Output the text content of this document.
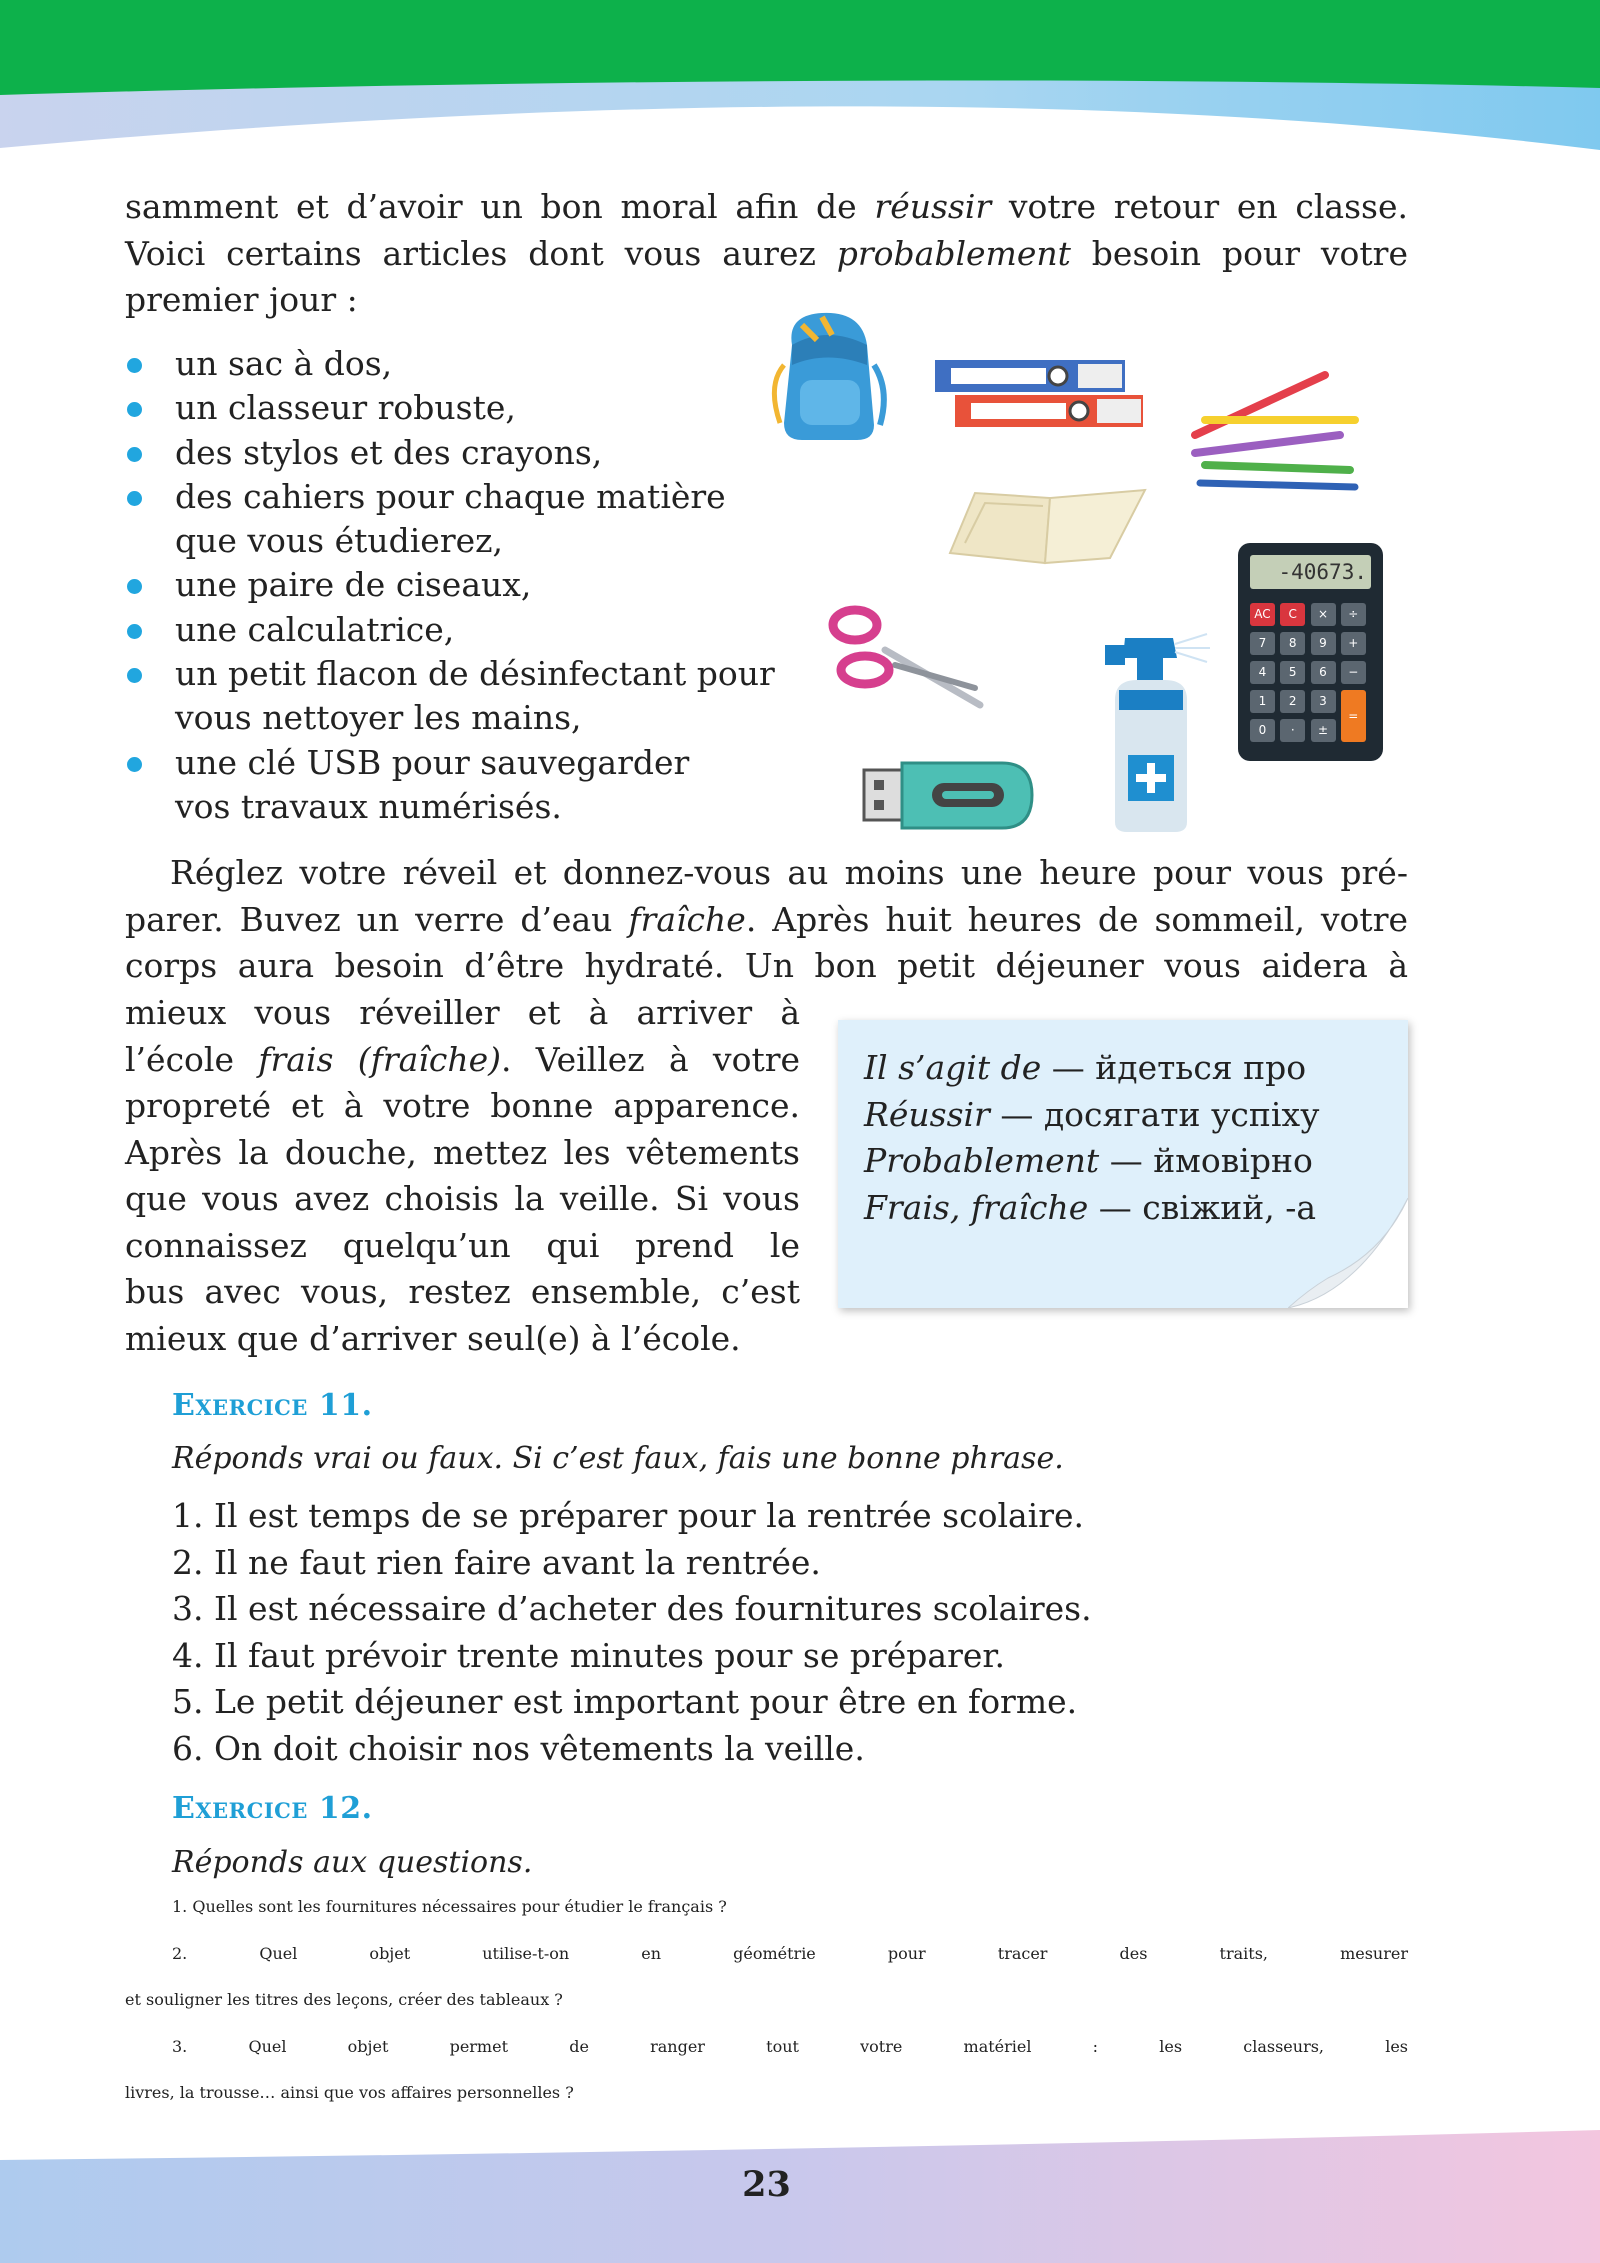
samment et d’avoir un bon moral afin de réussir votre retour en classe.
Voici certains articles dont vous aurez probablement besoin pour votre
premier jour :
un sac à dos,
un classeur robuste,
des stylos et des crayons,
des cahiers pour chaque matière
que vous étudierez,
une paire de ciseaux,
une calculatrice,
un petit flacon de désinfectant pour
vous nettoyer les mains,
une clé USB pour sauvegarder
vos travaux numérisés.
-40673.
AC	C	×	÷
7	8	9	+
4	5	6	−
1	2	3
=
0	·	±
Réglez votre réveil et donnez-vous au moins une heure pour vous pré-
parer. Buvez un verre d’eau fraîche. Après huit heures de sommeil, votre
corps aura besoin d’être hydraté. Un bon petit déjeuner vous aidera à
mieux vous réveiller et à arriver à
l’école frais (fraîche). Veillez à votre
propreté et à votre bonne apparence.
Après la douche, mettez les vêtements
que vous avez choisis la veille. Si vous
connaissez quelqu’un qui prend le
bus avec vous, restez ensemble, c’est
mieux que d’arriver seul(e) à l’école.
Il s’agit de — йдеться про
Réussir — досягати успіху
Probablement — ймовірно
Frais, fraîche — свіжий, -а
Exercice 11.
Réponds vrai ou faux. Si c’est faux, fais une bonne phrase.
1. Il est temps de se préparer pour la rentrée scolaire.
2. Il ne faut rien faire avant la rentrée.
3. Il est nécessaire d’acheter des fournitures scolaires.
4. Il faut prévoir trente minutes pour se préparer.
5. Le petit déjeuner est important pour être en forme.
6. On doit choisir nos vêtements la veille.
Exercice 12.
Réponds aux questions.
1. Quelles sont les fournitures nécessaires pour étudier le français ?
2. Quel objet utilise-t-on en géométrie pour tracer des traits, mesurer
et souligner les titres des leçons, créer des tableaux ?
3. Quel objet permet de ranger tout votre matériel : les classeurs, les
livres, la trousse… ainsi que vos affaires personnelles ?
23
